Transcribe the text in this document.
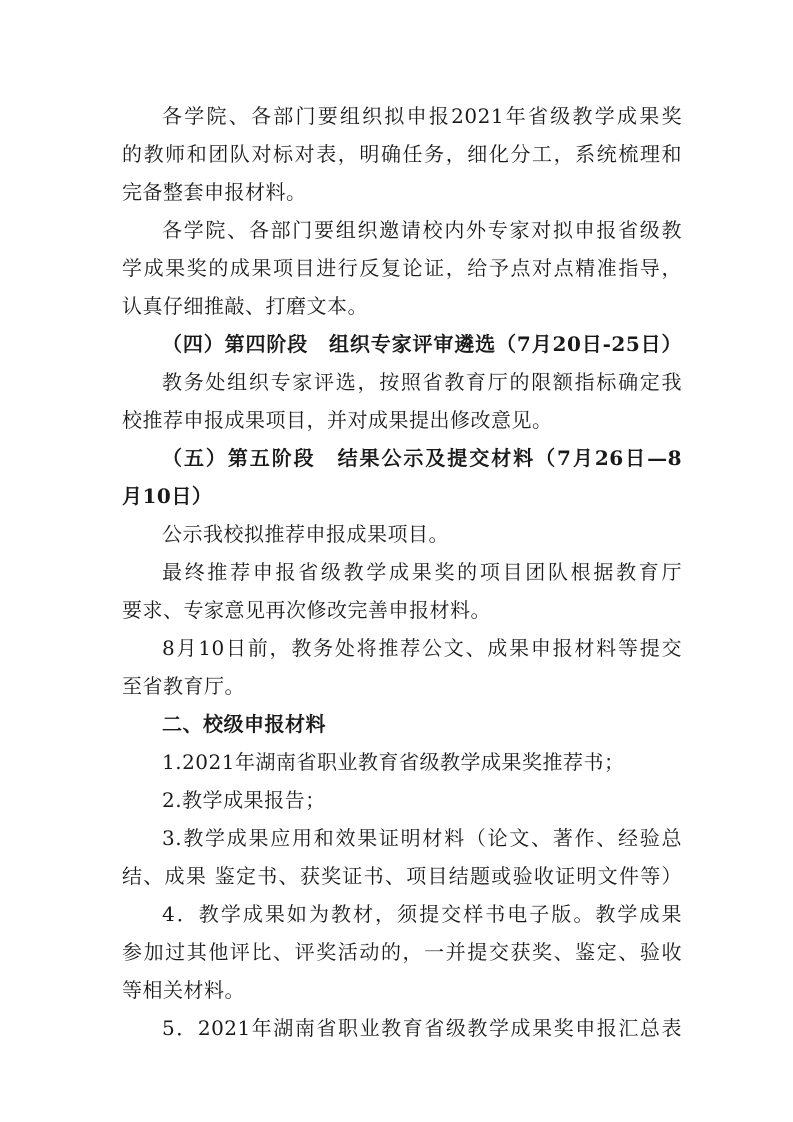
各学院、各部门要组织拟申报2021年省级教学成果奖
的教师和团队对标对表，明确任务，细化分工，系统梳理和
完备整套申报材料。
各学院、各部门要组织邀请校内外专家对拟申报省级教
学成果奖的成果项目进行反复论证，给予点对点精准指导，
认真仔细推敲、打磨文本。
（四）第四阶段　组织专家评审遴选（7月20日-25日）
教务处组织专家评选，按照省教育厅的限额指标确定我
校推荐申报成果项目，并对成果提出修改意见。
（五）第五阶段　结果公示及提交材料（7月26日—8
月10日）
公示我校拟推荐申报成果项目。
最终推荐申报省级教学成果奖的项目团队根据教育厅
要求、专家意见再次修改完善申报材料。
8月10日前，教务处将推荐公文、成果申报材料等提交
至省教育厅。
二、校级申报材料
1.2021年湖南省职业教育省级教学成果奖推荐书；
2.教学成果报告；
3.教学成果应用和效果证明材料（论文、著作、经验总
结、成果 鉴定书、获奖证书、项目结题或验收证明文件等）
4．教学成果如为教材，须提交样书电子版。教学成果
参加过其他评比、评奖活动的，一并提交获奖、鉴定、验收
等相关材料。
5．2021年湖南省职业教育省级教学成果奖申报汇总表
